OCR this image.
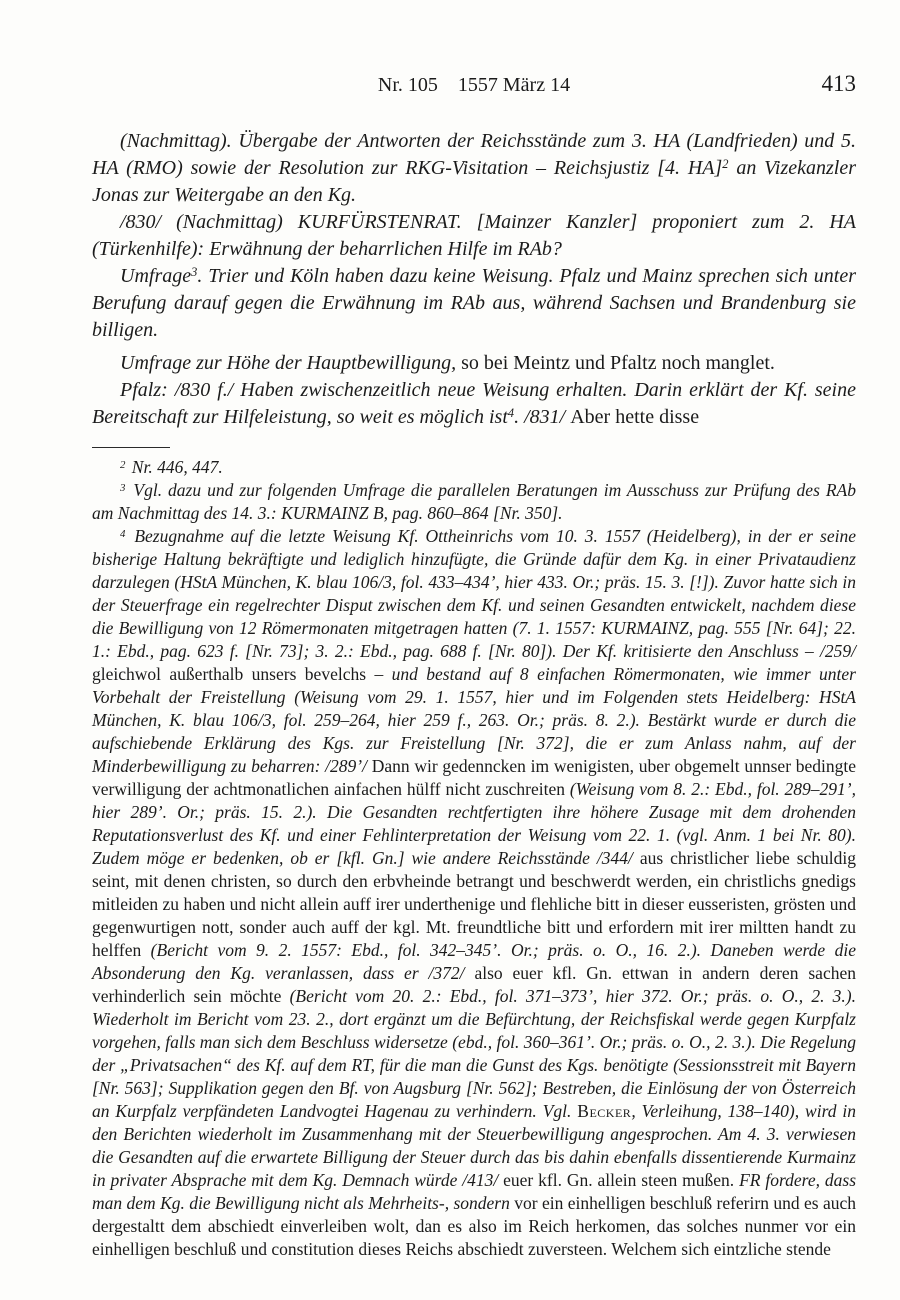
Nr. 105 1557 März 14	413

(Nachmittag). Übergabe der Antworten der Reichsstände zum 3. HA (Landfrieden) und 5. HA (RMO) sowie der Resolution zur RKG-Visitation – Reichsjustiz [4. HA]$^2$ an Vizekanzler Jonas zur Weitergabe an den Kg.

/830/ (Nachmittag) KURFÜRSTENRAT. [Mainzer Kanzler] proponiert zum 2. HA (Türkenhilfe): Erwähnung der beharrlichen Hilfe im RAb?

Umfrage$^3$. Trier und Köln haben dazu keine Weisung. Pfalz und Mainz sprechen sich unter Berufung darauf gegen die Erwähnung im RAb aus, während Sachsen und Brandenburg sie billigen.

Umfrage zur Höhe der Hauptbewilligung, so bei Meintz und Pfaltz noch manglet.

Pfalz: /830 f./ Haben zwischenzeitlich neue Weisung erhalten. Darin erklärt der Kf. seine Bereitschaft zur Hilfeleistung, so weit es möglich ist$^4$. /831/ Aber hette disse

$^2$ Nr. 446, 447.

$^3$ Vgl. dazu und zur folgenden Umfrage die parallelen Beratungen im Ausschuss zur Prüfung des RAb am Nachmittag des 14. 3.: KURMAINZ B, pag. 860–864 [Nr. 350].

$^4$ Bezugnahme auf die letzte Weisung Kf. Ottheinrichs vom 10. 3. 1557 (Heidelberg), in der er seine bisherige Haltung bekräftigte und lediglich hinzufügte, die Gründe dafür dem Kg. in einer Privataudienz darzulegen (HStA München, K. blau 106/3, fol. 433–434’, hier 433. Or.; präs. 15. 3. [!]). Zuvor hatte sich in der Steuerfrage ein regelrechter Disput zwischen dem Kf. und seinen Gesandten entwickelt, nachdem diese die Bewilligung von 12 Römermonaten mitgetragen hatten (7. 1. 1557: KURMAINZ, pag. 555 [Nr. 64]; 22. 1.: Ebd., pag. 623 f. [Nr. 73]; 3. 2.: Ebd., pag. 688 f. [Nr. 80]). Der Kf. kritisierte den Anschluss – /259/ gleichwol außerthalb unsers bevelchs – und bestand auf 8 einfachen Römermonaten, wie immer unter Vorbehalt der Freistellung (Weisung vom 29. 1. 1557, hier und im Folgenden stets Heidelberg: HStA München, K. blau 106/3, fol. 259–264, hier 259 f., 263. Or.; präs. 8. 2.). Bestärkt wurde er durch die aufschiebende Erklärung des Kgs. zur Freistellung [Nr. 372], die er zum Anlass nahm, auf der Minderbewilligung zu beharren: /289’/ Dann wir gedenncken im wenigisten, uber obgemelt unnser bedingte verwilligung der achtmonatlichen ainfachen hülff nicht zuschreiten (Weisung vom 8. 2.: Ebd., fol. 289–291’, hier 289’. Or.; präs. 15. 2.). Die Gesandten rechtfertigten ihre höhere Zusage mit dem drohenden Reputationsverlust des Kf. und einer Fehlinterpretation der Weisung vom 22. 1. (vgl. Anm. 1 bei Nr. 80). Zudem möge er bedenken, ob er [kfl. Gn.] wie andere Reichsstände /344/ aus christlicher liebe schuldig seint, mit denen christen, so durch den erbvheinde betrangt und beschwerdt werden, ein christlichs gnedigs mitleiden zu haben und nicht allein auff irer underthenige und flehliche bitt in dieser eusseristen, grösten und gegenwurtigen nott, sonder auch auff der kgl. Mt. freundtliche bitt und erfordern mit irer miltten handt zu helffen (Bericht vom 9. 2. 1557: Ebd., fol. 342–345’. Or.; präs. o. O., 16. 2.). Daneben werde die Absonderung den Kg. veranlassen, dass er /372/ also euer kfl. Gn. ettwan in andern deren sachen verhinderlich sein möchte (Bericht vom 20. 2.: Ebd., fol. 371–373’, hier 372. Or.; präs. o. O., 2. 3.). Wiederholt im Bericht vom 23. 2., dort ergänzt um die Befürchtung, der Reichsfiskal werde gegen Kurpfalz vorgehen, falls man sich dem Beschluss widersetze (ebd., fol. 360–361’. Or.; präs. o. O., 2. 3.). Die Regelung der „Privatsachen“ des Kf. auf dem RT, für die man die Gunst des Kgs. benötigte (Sessionsstreit mit Bayern [Nr. 563]; Supplikation gegen den Bf. von Augsburg [Nr. 562]; Bestreben, die Einlösung der von Österreich an Kurpfalz verpfändeten Landvogtei Hagenau zu verhindern. Vgl. Becker, Verleihung, 138–140), wird in den Berichten wiederholt im Zusammenhang mit der Steuerbewilligung angesprochen. Am 4. 3. verwiesen die Gesandten auf die erwartete Billigung der Steuer durch das bis dahin ebenfalls dissentierende Kurmainz in privater Absprache mit dem Kg. Demnach würde /413/ euer kfl. Gn. allein steen mußen. FR fordere, dass man dem Kg. die Bewilligung nicht als Mehrheits-, sondern vor ein einhelligen beschluß referirn und es auch dergestaltt dem abschiedt einverleiben wolt, dan es also im Reich herkomen, das solches nunmer vor ein einhelligen beschluß und constitution dieses Reichs abschiedt zuversteen. Welchem sich eintzliche stende
